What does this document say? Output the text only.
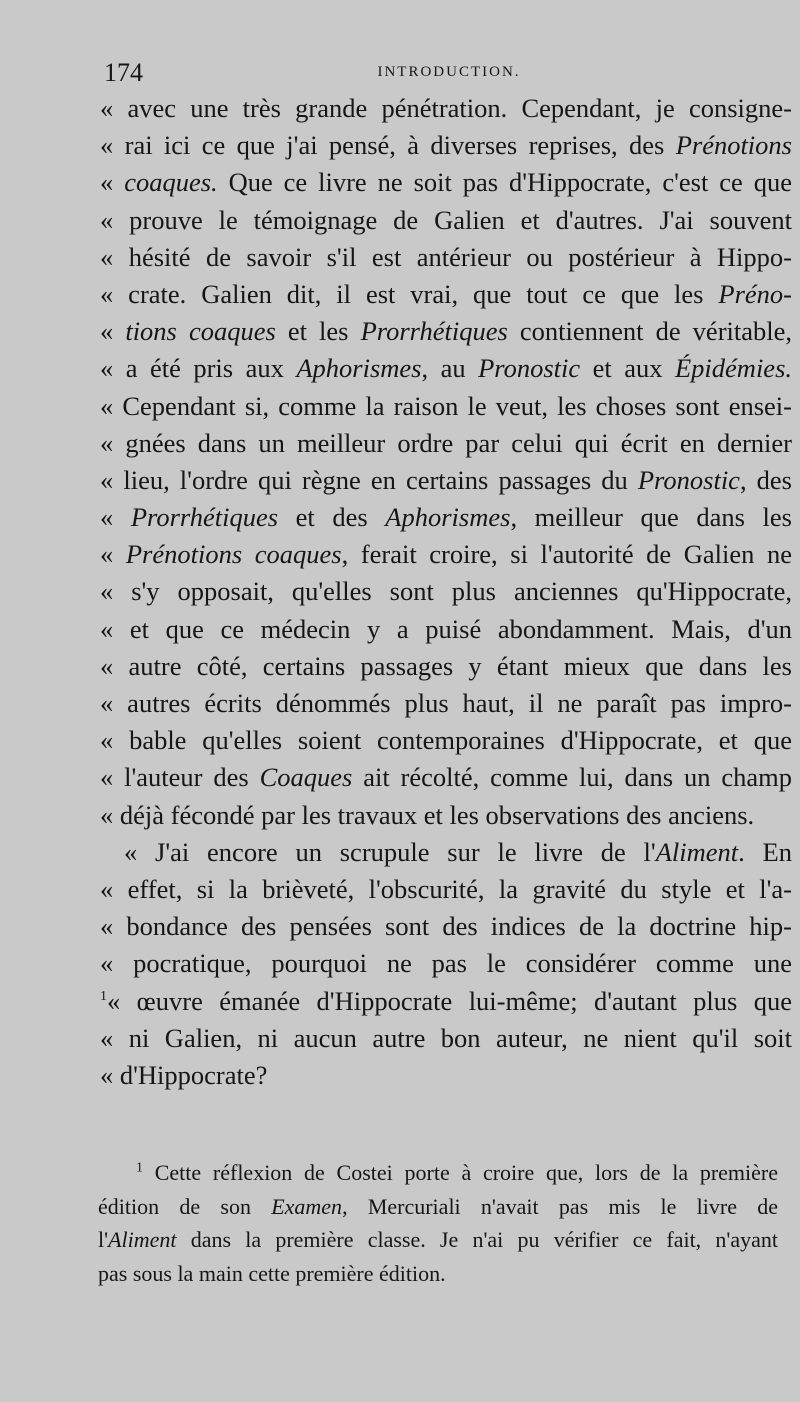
174	INTRODUCTION.
« avec une très grande pénétration. Cependant, je consigne-
« rai ici ce que j'ai pensé, à diverses reprises, des Prénotions
« coaques. Que ce livre ne soit pas d'Hippocrate, c'est ce que
« prouve le témoignage de Galien et d'autres. J'ai souvent
« hésité de savoir s'il est antérieur ou postérieur à Hippo-
« crate. Galien dit, il est vrai, que tout ce que les Préno-
« tions coaques et les Prorrhétiques contiennent de véritable,
« a été pris aux Aphorismes, au Pronostic et aux Épidémies.
« Cependant si, comme la raison le veut, les choses sont ensei-
« gnées dans un meilleur ordre par celui qui écrit en dernier
« lieu, l'ordre qui règne en certains passages du Pronostic, des
« Prorrhétiques et des Aphorismes, meilleur que dans les
« Prénotions coaques, ferait croire, si l'autorité de Galien ne
« s'y opposait, qu'elles sont plus anciennes qu'Hippocrate,
« et que ce médecin y a puisé abondamment. Mais, d'un
« autre côté, certains passages y étant mieux que dans les
« autres écrits dénommés plus haut, il ne paraît pas impro-
« bable qu'elles soient contemporaines d'Hippocrate, et que
« l'auteur des Coaques ait récolté, comme lui, dans un champ
« déjà fécondé par les travaux et les observations des anciens.
« J'ai encore un scrupule sur le livre de l'Aliment. En
« effet, si la brièveté, l'obscurité, la gravité du style et l'a-
« bondance des pensées sont des indices de la doctrine hip-
« pocratique, pourquoi ne pas le considérer comme une
$^1$« œuvre émanée d'Hippocrate lui-même; d'autant plus que
« ni Galien, ni aucun autre bon auteur, ne nient qu'il soit
« d'Hippocrate?
$^1$ Cette réflexion de Costei porte à croire que, lors de la première
édition de son Examen, Mercuriali n'avait pas mis le livre de
l'Aliment dans la première classe. Je n'ai pu vérifier ce fait, n'ayant
pas sous la main cette première édition.
